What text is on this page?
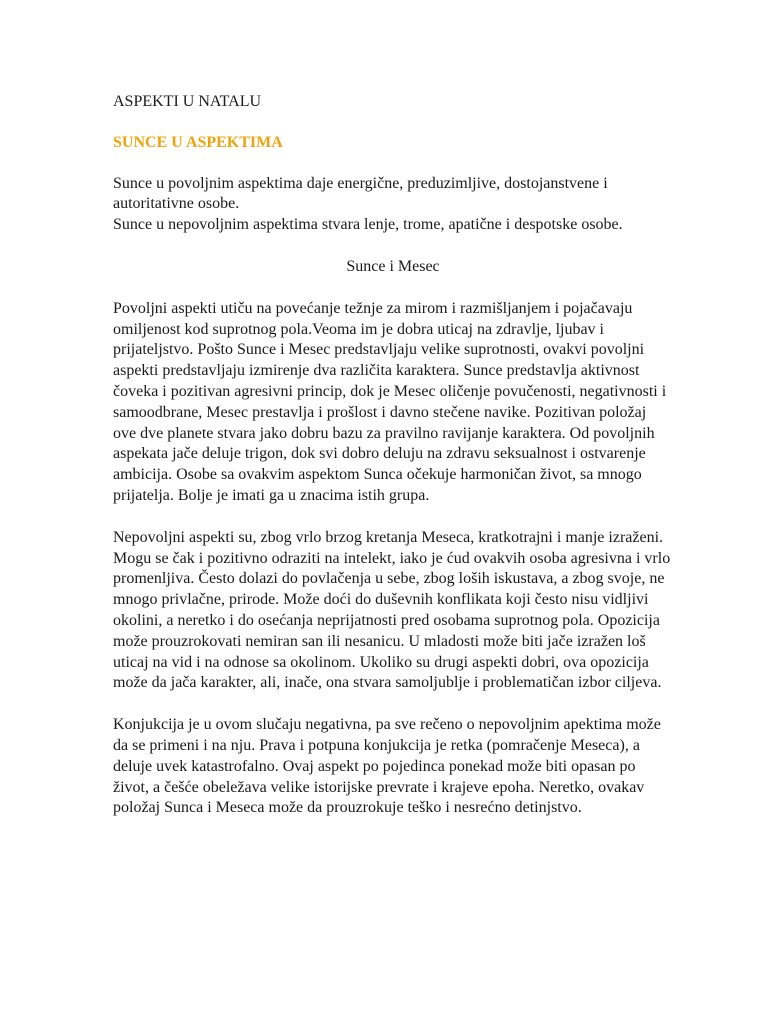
ASPEKTI U NATALU
SUNCE U ASPEKTIMA

Sunce u povoljnim aspektima daje energične, preduzimljive, dostojanstvene i autoritativne osobe.
Sunce u nepovoljnim aspektima stvara lenje, trome, apatične i despotske osobe.

Sunce i Mesec

Povoljni aspekti utiču na povećanje težnje za mirom i razmišljanjem i pojačavaju omiljenost kod suprotnog pola.Veoma im je dobra uticaj na zdravlje, ljubav i prijateljstvo. Pošto Sunce i Mesec predstavljaju velike suprotnosti, ovakvi povoljni aspekti predstavljaju izmirenje dva različita karaktera. Sunce predstavlja aktivnost čoveka i pozitivan agresivni princip, dok je Mesec oličenje povučenosti, negativnosti i samoodbrane, Mesec prestavlja i prošlost i davno stečene navike. Pozitivan položaj ove dve planete stvara jako dobru bazu za pravilno ravijanje karaktera. Od povoljnih aspekata jače deluje trigon, dok svi dobro deluju na zdravu seksualnost i ostvarenje ambicija. Osobe sa ovakvim aspektom Sunca očekuje harmoničan život, sa mnogo prijatelja. Bolje je imati ga u znacima istih grupa.

Nepovoljni aspekti su, zbog vrlo brzog kretanja Meseca, kratkotrajni i manje izraženi. Mogu se čak i pozitivno odraziti na intelekt, iako je ćud ovakvih osoba agresivna i vrlo promenljiva. Često dolazi do povlačenja u sebe, zbog loših iskustava, a zbog svoje, ne mnogo privlačne, prirode. Može doći do duševnih konflikata koji često nisu vidljivi okolini, a neretko i do osećanja neprijatnosti pred osobama suprotnog pola. Opozicija može prouzrokovati nemiran san ili nesanicu. U mladosti može biti jače izražen loš uticaj na vid i na odnose sa okolinom. Ukoliko su drugi aspekti dobri, ova opozicija može da jača karakter, ali, inače, ona stvara samoljublje i problematičan izbor ciljeva.

Konjukcija je u ovom slučaju negativna, pa sve rečeno o nepovoljnim apektima može da se primeni i na nju. Prava i potpuna konjukcija je retka (pomračenje Meseca), a deluje uvek katastrofalno. Ovaj aspekt po pojedinca ponekad može biti opasan po život, a češće obeležava velike istorijske prevrate i krajeve epoha. Neretko, ovakav položaj Sunca i Meseca može da prouzrokuje teško i nesrećno detinjstvo.
